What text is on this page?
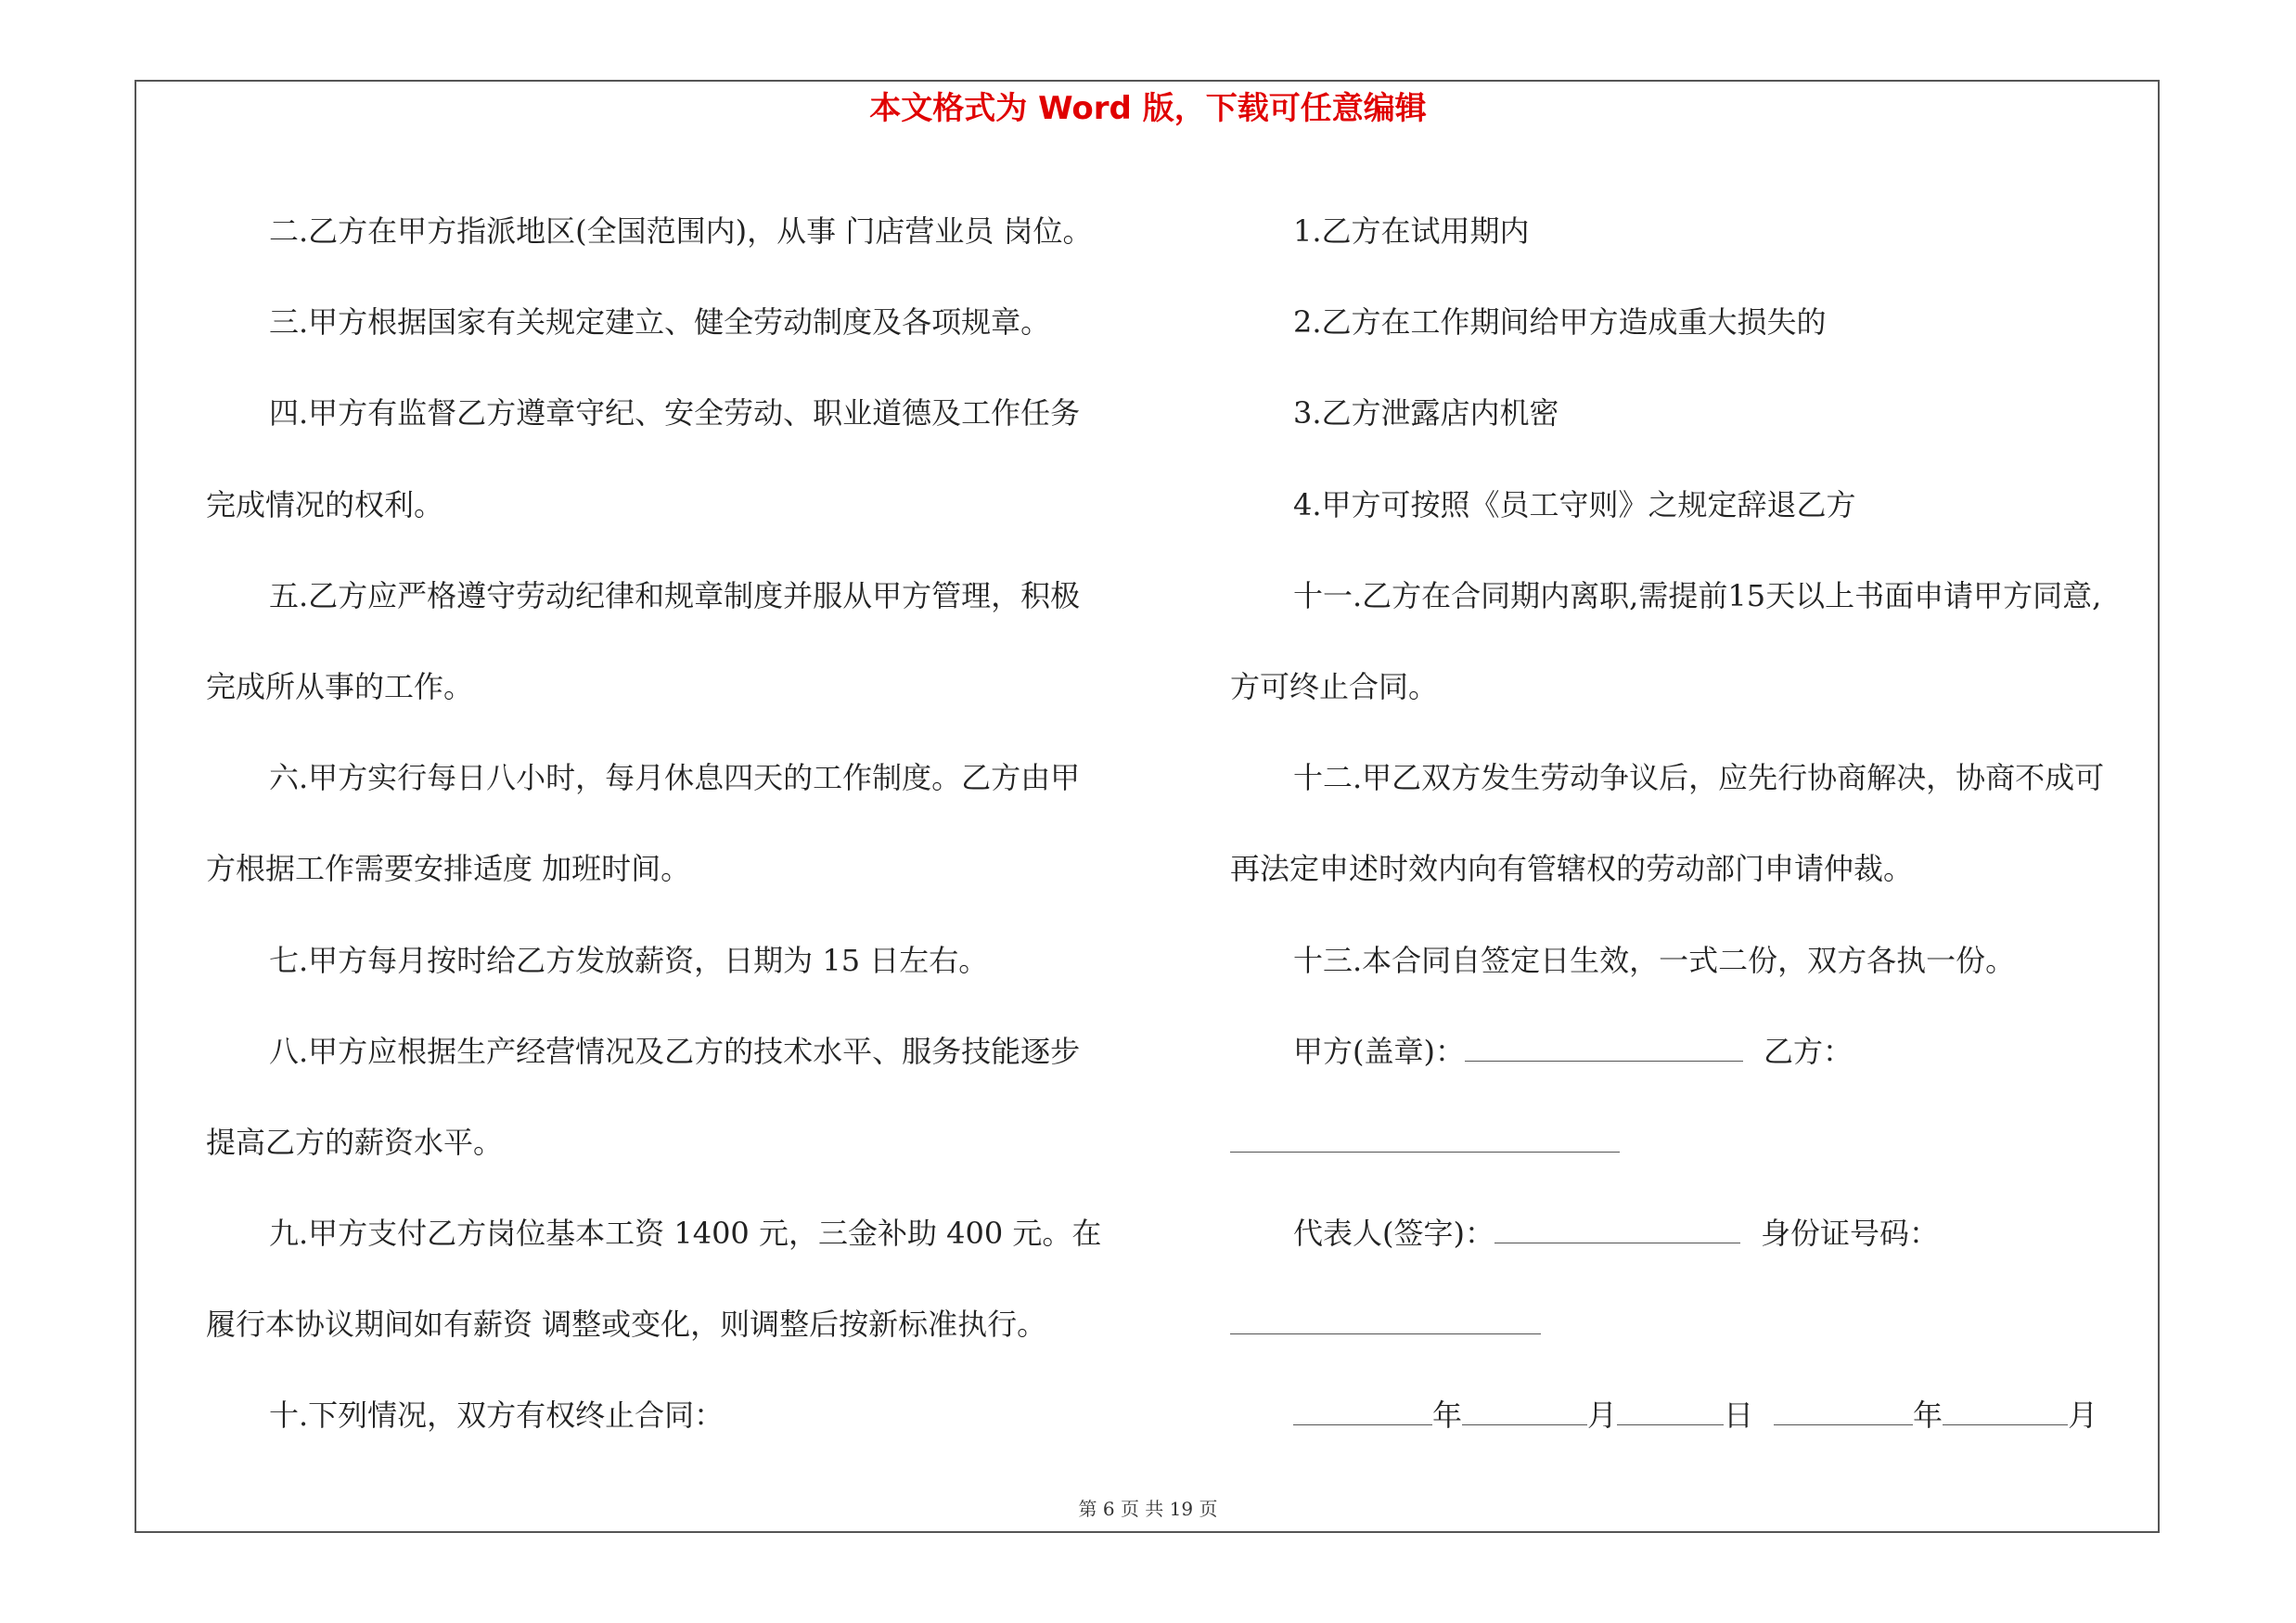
本文格式为 Word 版，下载可任意编辑
二.乙方在甲方指派地区(全国范围内)，从事 门店营业员 岗位。
三.甲方根据国家有关规定建立、健全劳动制度及各项规章。
四.甲方有监督乙方遵章守纪、安全劳动、职业道德及工作任务
完成情况的权利。
五.乙方应严格遵守劳动纪律和规章制度并服从甲方管理，积极
完成所从事的工作。
六.甲方实行每日八小时，每月休息四天的工作制度。乙方由甲
方根据工作需要安排适度 加班时间。
七.甲方每月按时给乙方发放薪资，日期为 15 日左右。
八.甲方应根据生产经营情况及乙方的技术水平、服务技能逐步
提高乙方的薪资水平。
九.甲方支付乙方岗位基本工资 1400 元，三金补助 400 元。在
履行本协议期间如有薪资 调整或变化，则调整后按新标准执行。
十.下列情况，双方有权终止合同：
1.乙方在试用期内
2.乙方在工作期间给甲方造成重大损失的
3.乙方泄露店内机密
4.甲方可按照《员工守则》之规定辞退乙方
十一.乙方在合同期内离职,需提前15天以上书面申请甲方同意,
方可终止合同。
十二.甲乙双方发生劳动争议后，应先行协商解决，协商不成可
再法定申述时效内向有管辖权的劳动部门申请仲裁。
十三.本合同自签定日生效，一式二份，双方各执一份。
甲方(盖章)：	乙方：
代表人(签字)：	身份证号码：
年	月	日	年	月
第 6 页 共 19 页
